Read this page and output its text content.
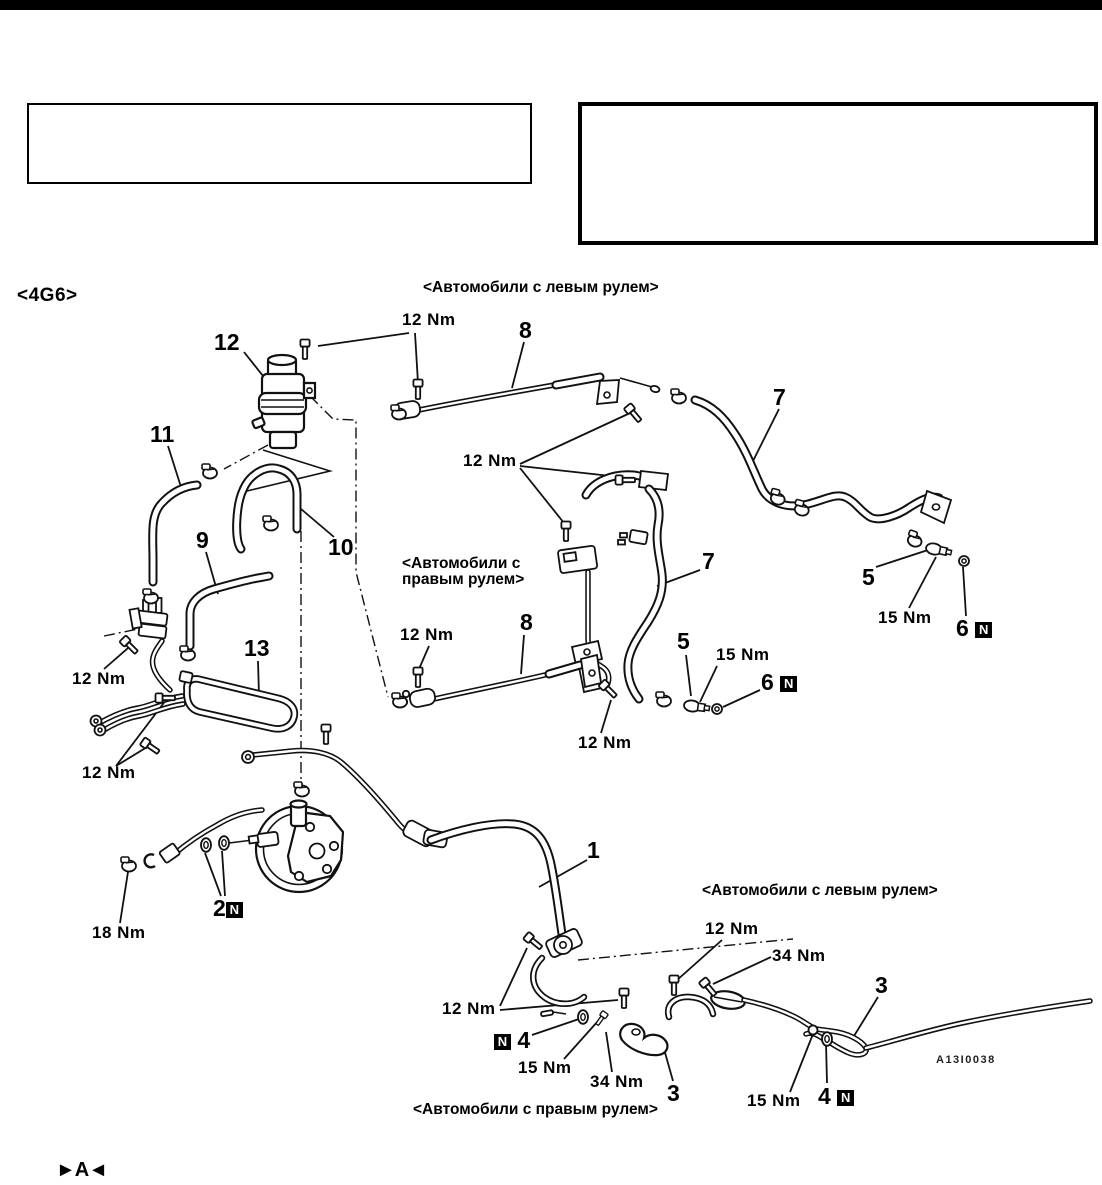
<4G6>	<Автомобили с левым рулем>
<Автомобили с
правым рулем>
<Автомобили с левым рулем>
<Автомобили с правым рулем>
A13I0038
►A◄
12 Nm
12 Nm
12 Nm
12 Nm
12 Nm
12 Nm
12 Nm
12 Nm
15 Nm
15 Nm
15 Nm
15 Nm
18 Nm
34 Nm
34 Nm
12	8
7
11
10
9
13
8
7
5
5
1
3
3
6 N
6 N
2 N
N 4
4 N
